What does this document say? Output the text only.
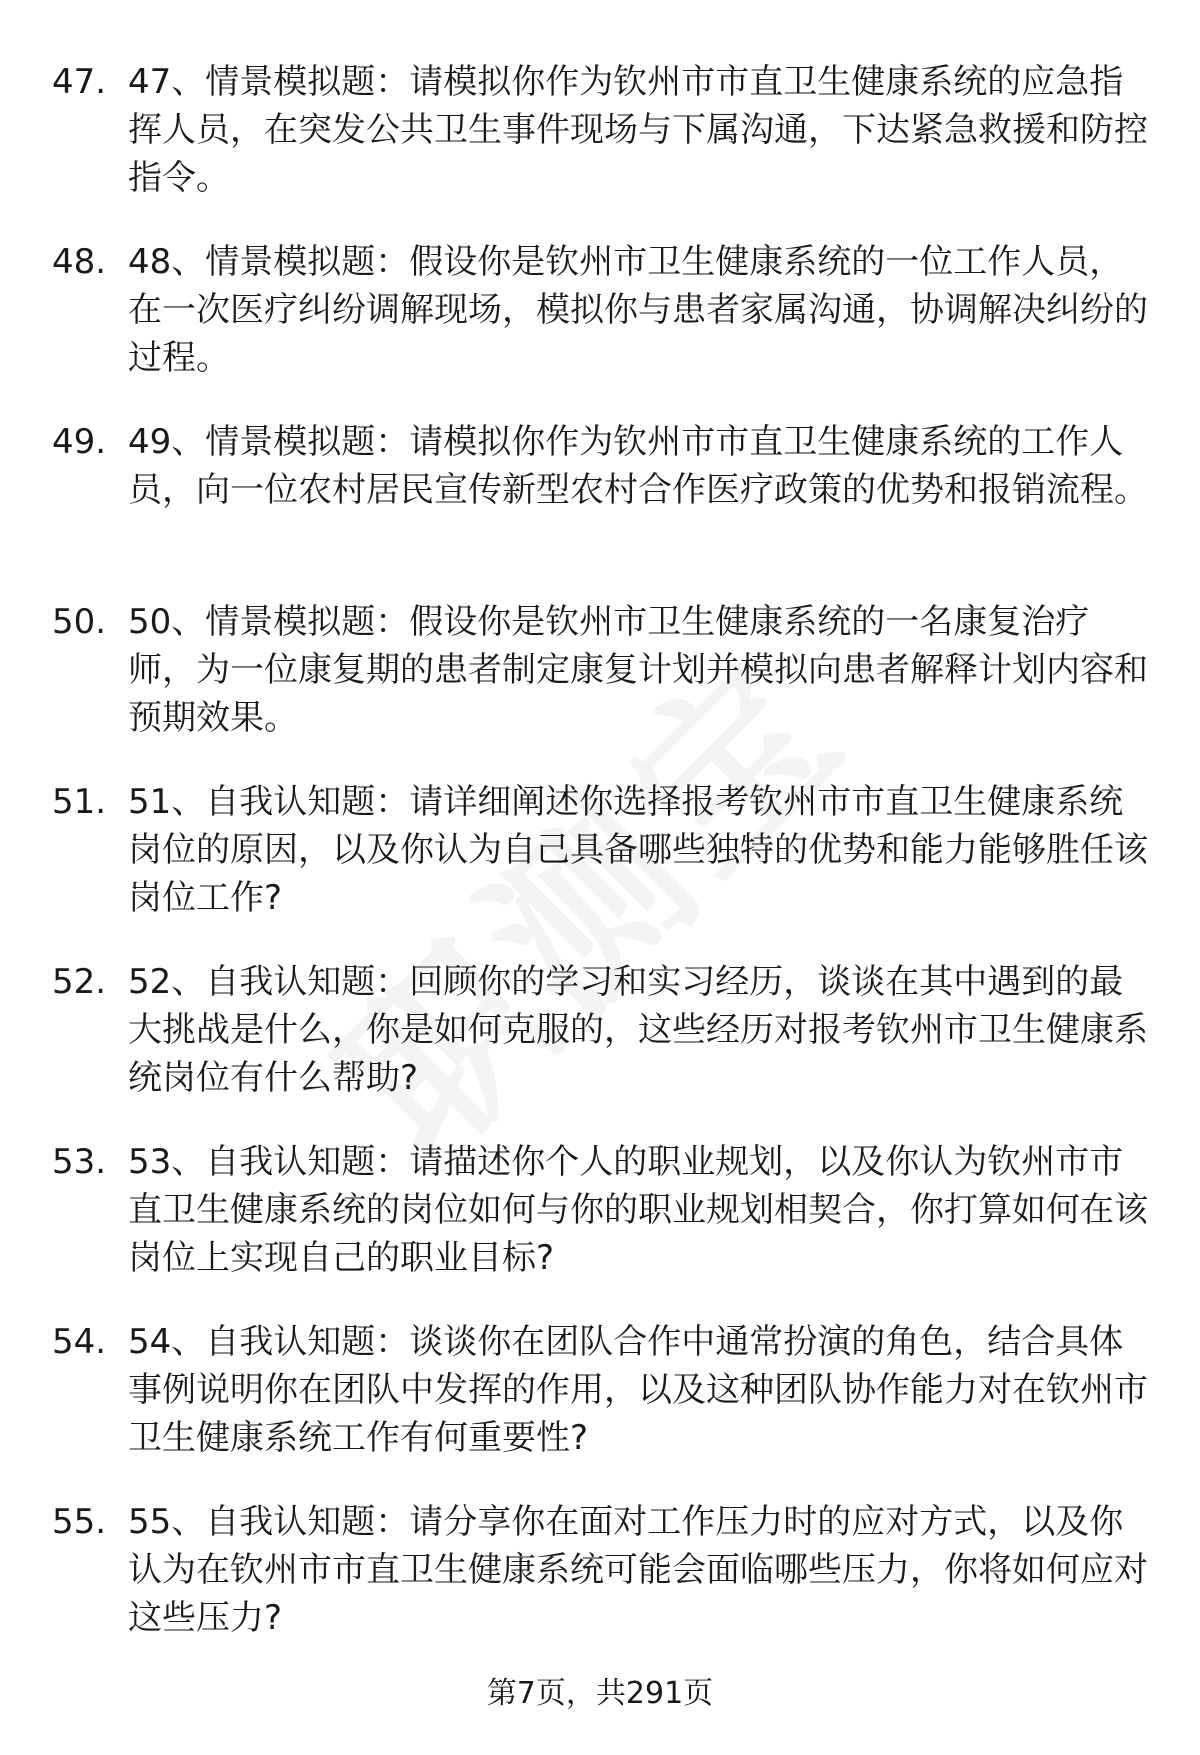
47. 47、情景模拟题：请模拟你作为钦州市市直卫生健康系统的应急指挥人员，在突发公共卫生事件现场与下属沟通，下达紧急救援和防控指令。
48. 48、情景模拟题：假设你是钦州市卫生健康系统的一位工作人员，在一次医疗纠纷调解现场，模拟你与患者家属沟通，协调解决纠纷的过程。
49. 49、情景模拟题：请模拟你作为钦州市市直卫生健康系统的工作人员，向一位农村居民宣传新型农村合作医疗政策的优势和报销流程。
50. 50、情景模拟题：假设你是钦州市卫生健康系统的一名康复治疗师，为一位康复期的患者制定康复计划并模拟向患者解释计划内容和预期效果。
51. 51、自我认知题：请详细阐述你选择报考钦州市市直卫生健康系统岗位的原因，以及你认为自己具备哪些独特的优势和能力能够胜任该岗位工作?
52. 52、自我认知题：回顾你的学习和实习经历，谈谈在其中遇到的最大挑战是什么，你是如何克服的，这些经历对报考钦州市卫生健康系统岗位有什么帮助?
53. 53、自我认知题：请描述你个人的职业规划，以及你认为钦州市市直卫生健康系统的岗位如何与你的职业规划相契合，你打算如何在该岗位上实现自己的职业目标?
54. 54、自我认知题：谈谈你在团队合作中通常扮演的角色，结合具体事例说明你在团队中发挥的作用，以及这种团队协作能力对在钦州市卫生健康系统工作有何重要性?
55. 55、自我认知题：请分享你在面对工作压力时的应对方式，以及你认为在钦州市市直卫生健康系统可能会面临哪些压力，你将如何应对这些压力?
第7页，共291页
